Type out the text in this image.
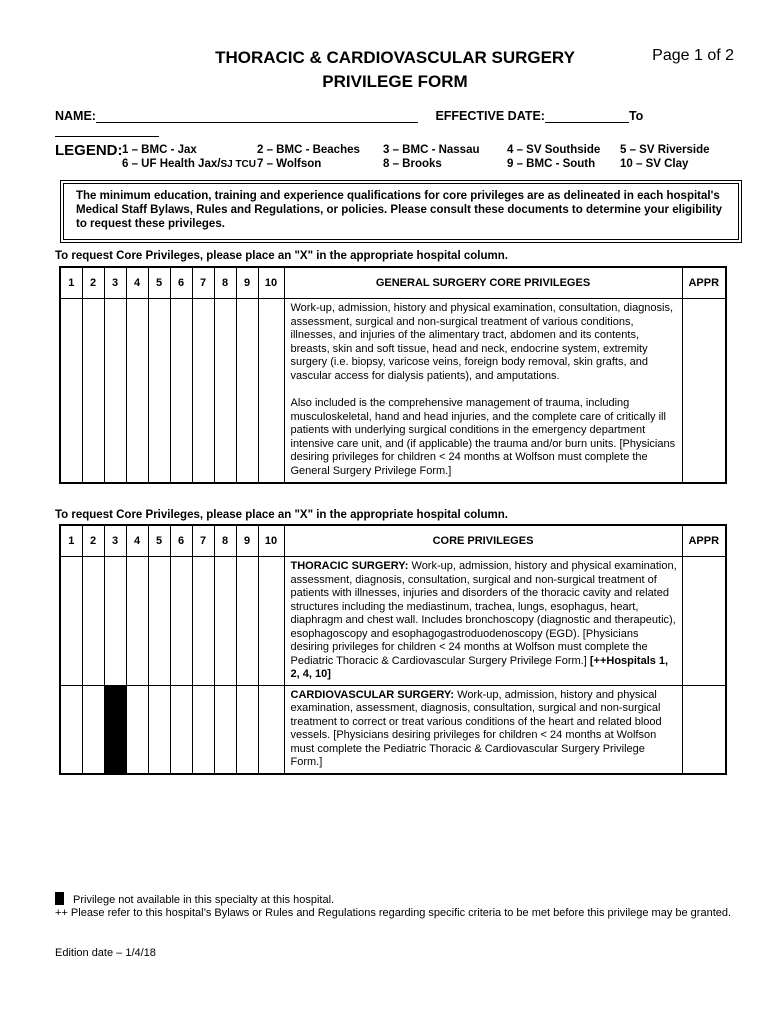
THORACIC & CARDIOVASCULAR SURGERY
PRIVILEGE FORM
Page 1 of 2
NAME:	EFFECTIVE DATE:	To
LEGEND: 1 – BMC - Jax	2 – BMC - Beaches 3 – BMC - Nassau 4 – SV Southside 5 – SV Riverside
6 – UF Health Jax/SJ TCU 7 – Wolfson	8 – Brooks	9 – BMC - South 10 – SV Clay
The minimum education, training and experience qualifications for core privileges are as delineated in each hospital's Medical Staff Bylaws, Rules and Regulations, or policies. Please consult these documents to determine your eligibility to request these privileges.
To request Core Privileges, please place an "X" in the appropriate hospital column.
1	2	3	4	5	6	7	8	9	10	GENERAL SURGERY CORE PRIVILEGES	APPR

										Work-up, admission, history and physical examination, consultation, diagnosis, assessment, surgical and non-surgical treatment of various conditions, illnesses, and injuries of the alimentary tract, abdomen and its contents, breasts, skin and soft tissue, head and neck, endocrine system, extremity surgery (i.e. biopsy, varicose veins, foreign body removal, skin grafts, and vascular access for dialysis patients), and amputations.
Also included is the comprehensive management of trauma, including musculoskeletal, hand and head injuries, and the complete care of critically ill patients with underlying surgical conditions in the emergency department intensive care unit, and (if applicable) the trauma and/or burn units. [Physicians desiring privileges for children < 24 months at Wolfson must complete the General Surgery Privilege Form.]	

To request Core Privileges, please place an "X" in the appropriate hospital column.
1	2	3	4	5	6	7	8	9	10	CORE PRIVILEGES	APPR
										THORACIC SURGERY: Work-up, admission, history and physical examination, assessment, diagnosis, consultation, surgical and non-surgical treatment of patients with illnesses, injuries and disorders of the thoracic cavity and related structures including the mediastinum, trachea, lungs, esophagus, heart, diaphragm and chest wall. Includes bronchoscopy (diagnostic and therapeutic), esophagoscopy and esophagogastroduodenoscopy (EGD). [Physicians desiring privileges for children < 24 months at Wolfson must complete the Pediatric Thoracic & Cardiovascular Surgery Privilege Form.] [++Hospitals 1, 2, 4, 10]	
										CARDIOVASCULAR SURGERY: Work-up, admission, history and physical examination, assessment, diagnosis, consultation, surgical and non-surgical treatment to correct or treat various conditions of the heart and related blood vessels. [Physicians desiring privileges for children < 24 months at Wolfson must complete the Pediatric Thoracic & Cardiovascular Surgery Privilege Form.]	
Privilege not available in this specialty at this hospital.
++ Please refer to this hospital’s Bylaws or Rules and Regulations regarding specific criteria to be met before this privilege may be granted.
Edition date – 1/4/18
